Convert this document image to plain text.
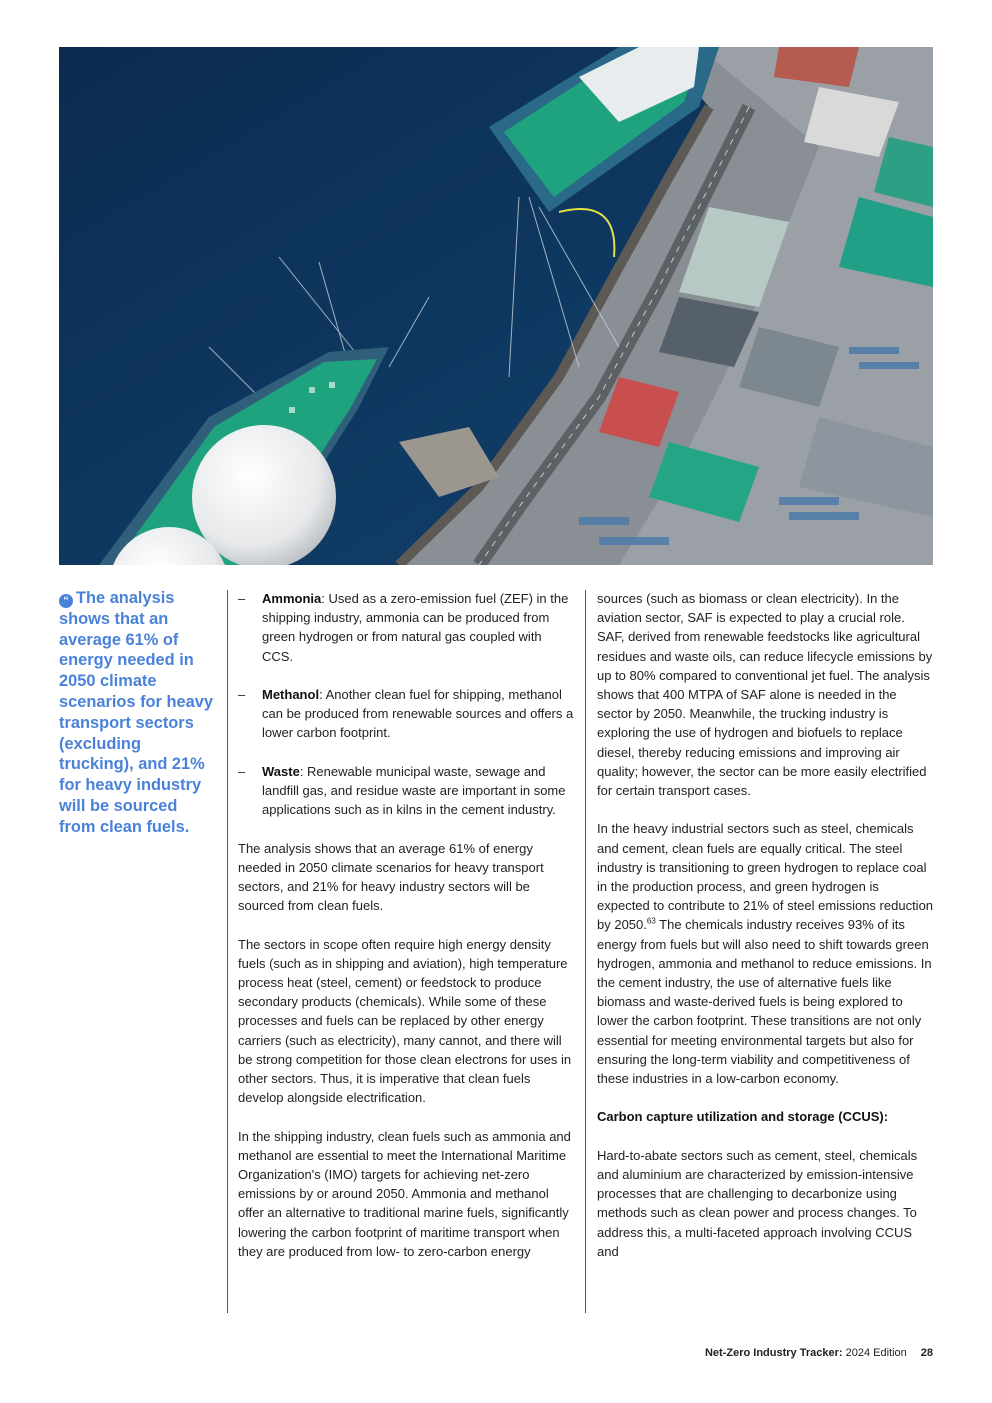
“ The analysis shows that an average 61% of energy needed in 2050 climate scenarios for heavy transport sectors (excluding trucking), and 21% for heavy industry will be sourced from clean fuels.
– Ammonia: Used as a zero-emission fuel (ZEF) in the shipping industry, ammonia can be produced from green hydrogen or from natural gas coupled with CCS.
– Methanol: Another clean fuel for shipping, methanol can be produced from renewable sources and offers a lower carbon footprint.
– Waste: Renewable municipal waste, sewage and landfill gas, and residue waste are important in some applications such as in kilns in the cement industry.

The analysis shows that an average 61% of energy needed in 2050 climate scenarios for heavy transport sectors, and 21% for heavy industry sectors will be sourced from clean fuels.

The sectors in scope often require high energy density fuels (such as in shipping and aviation), high temperature process heat (steel, cement) or feedstock to produce secondary products (chemicals). While some of these processes and fuels can be replaced by other energy carriers (such as electricity), many cannot, and there will be strong competition for those clean electrons for uses in other sectors. Thus, it is imperative that clean fuels develop alongside electrification.

In the shipping industry, clean fuels such as ammonia and methanol are essential to meet the International Maritime Organization's (IMO) targets for achieving net-zero emissions by or around 2050. Ammonia and methanol offer an alternative to traditional marine fuels, significantly lowering the carbon footprint of maritime transport when they are produced from low- to zero-carbon energy

sources (such as biomass or clean electricity). In the aviation sector, SAF is expected to play a crucial role. SAF, derived from renewable feedstocks like agricultural residues and waste oils, can reduce lifecycle emissions by up to 80% compared to conventional jet fuel. The analysis shows that 400 MTPA of SAF alone is needed in the sector by 2050. Meanwhile, the trucking industry is exploring the use of hydrogen and biofuels to replace diesel, thereby reducing emissions and improving air quality; however, the sector can be more easily electrified for certain transport cases.

In the heavy industrial sectors such as steel, chemicals and cement, clean fuels are equally critical. The steel industry is transitioning to green hydrogen to replace coal in the production process, and green hydrogen is expected to contribute to 21% of steel emissions reduction by 2050.63 The chemicals industry receives 93% of its energy from fuels but will also need to shift towards green hydrogen, ammonia and methanol to reduce emissions. In the cement industry, the use of alternative fuels like biomass and waste-derived fuels is being explored to lower the carbon footprint. These transitions are not only essential for meeting environmental targets but also for ensuring the long-term viability and competitiveness of these industries in a low-carbon economy.

Carbon capture utilization and storage (CCUS):

Hard-to-abate sectors such as cement, steel, chemicals and aluminium are characterized by emission-intensive processes that are challenging to decarbonize using methods such as clean power and process changes. To address this, a multi-faceted approach involving CCUS and

Net-Zero Industry Tracker: 2024 Edition 28
